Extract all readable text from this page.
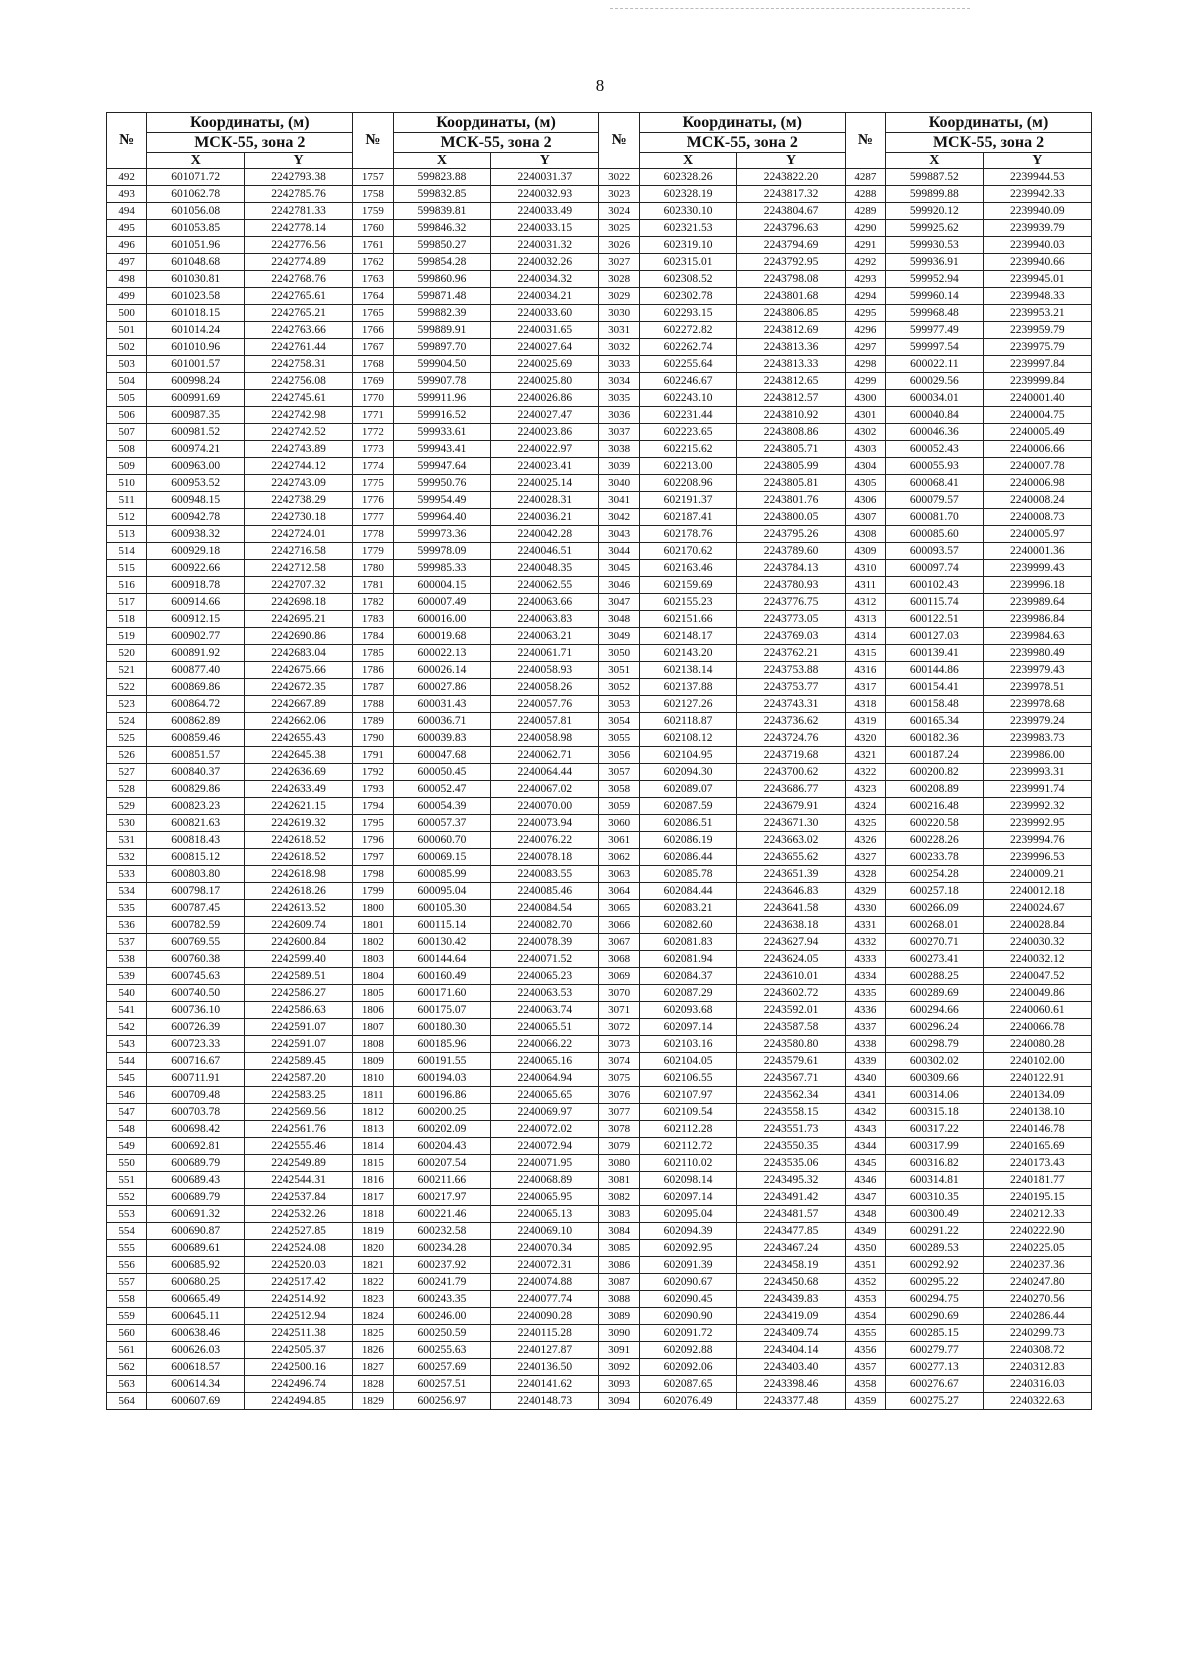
8
№	Координаты, (м)		№	Координаты, (м)		№	Координаты, (м)		№	Координаты, (м)	
	МСК-55, зона 2			МСК-55, зона 2			МСК-55, зона 2			МСК-55, зона 2	
	X	Y		X	Y		X	Y		X	Y
492	601071.72	2242793.38	1757	599823.88	2240031.37	3022	602328.26	2243822.20	4287	599887.52	2239944.53
493	601062.78	2242785.76	1758	599832.85	2240032.93	3023	602328.19	2243817.32	4288	599899.88	2239942.33
494	601056.08	2242781.33	1759	599839.81	2240033.49	3024	602330.10	2243804.67	4289	599920.12	2239940.09
495	601053.85	2242778.14	1760	599846.32	2240033.15	3025	602321.53	2243796.63	4290	599925.62	2239939.79
496	601051.96	2242776.56	1761	599850.27	2240031.32	3026	602319.10	2243794.69	4291	599930.53	2239940.03
497	601048.68	2242774.89	1762	599854.28	2240032.26	3027	602315.01	2243792.95	4292	599936.91	2239940.66
498	601030.81	2242768.76	1763	599860.96	2240034.32	3028	602308.52	2243798.08	4293	599952.94	2239945.01
499	601023.58	2242765.61	1764	599871.48	2240034.21	3029	602302.78	2243801.68	4294	599960.14	2239948.33
500	601018.15	2242765.21	1765	599882.39	2240033.60	3030	602293.15	2243806.85	4295	599968.48	2239953.21
501	601014.24	2242763.66	1766	599889.91	2240031.65	3031	602272.82	2243812.69	4296	599977.49	2239959.79
502	601010.96	2242761.44	1767	599897.70	2240027.64	3032	602262.74	2243813.36	4297	599997.54	2239975.79
503	601001.57	2242758.31	1768	599904.50	2240025.69	3033	602255.64	2243813.33	4298	600022.11	2239997.84
504	600998.24	2242756.08	1769	599907.78	2240025.80	3034	602246.67	2243812.65	4299	600029.56	2239999.84
505	600991.69	2242745.61	1770	599911.96	2240026.86	3035	602243.10	2243812.57	4300	600034.01	2240001.40
506	600987.35	2242742.98	1771	599916.52	2240027.47	3036	602231.44	2243810.92	4301	600040.84	2240004.75
507	600981.52	2242742.52	1772	599933.61	2240023.86	3037	602223.65	2243808.86	4302	600046.36	2240005.49
508	600974.21	2242743.89	1773	599943.41	2240022.97	3038	602215.62	2243805.71	4303	600052.43	2240006.66
509	600963.00	2242744.12	1774	599947.64	2240023.41	3039	602213.00	2243805.99	4304	600055.93	2240007.78
510	600953.52	2242743.09	1775	599950.76	2240025.14	3040	602208.96	2243805.81	4305	600068.41	2240006.98
511	600948.15	2242738.29	1776	599954.49	2240028.31	3041	602191.37	2243801.76	4306	600079.57	2240008.24
512	600942.78	2242730.18	1777	599964.40	2240036.21	3042	602187.41	2243800.05	4307	600081.70	2240008.73
513	600938.32	2242724.01	1778	599973.36	2240042.28	3043	602178.76	2243795.26	4308	600085.60	2240005.97
514	600929.18	2242716.58	1779	599978.09	2240046.51	3044	602170.62	2243789.60	4309	600093.57	2240001.36
515	600922.66	2242712.58	1780	599985.33	2240048.35	3045	602163.46	2243784.13	4310	600097.74	2239999.43
516	600918.78	2242707.32	1781	600004.15	2240062.55	3046	602159.69	2243780.93	4311	600102.43	2239996.18
517	600914.66	2242698.18	1782	600007.49	2240063.66	3047	602155.23	2243776.75	4312	600115.74	2239989.64
518	600912.15	2242695.21	1783	600016.00	2240063.83	3048	602151.66	2243773.05	4313	600122.51	2239986.84
519	600902.77	2242690.86	1784	600019.68	2240063.21	3049	602148.17	2243769.03	4314	600127.03	2239984.63
520	600891.92	2242683.04	1785	600022.13	2240061.71	3050	602143.20	2243762.21	4315	600139.41	2239980.49
521	600877.40	2242675.66	1786	600026.14	2240058.93	3051	602138.14	2243753.88	4316	600144.86	2239979.43
522	600869.86	2242672.35	1787	600027.86	2240058.26	3052	602137.88	2243753.77	4317	600154.41	2239978.51
523	600864.72	2242667.89	1788	600031.43	2240057.76	3053	602127.26	2243743.31	4318	600158.48	2239978.68
524	600862.89	2242662.06	1789	600036.71	2240057.81	3054	602118.87	2243736.62	4319	600165.34	2239979.24
525	600859.46	2242655.43	1790	600039.83	2240058.98	3055	602108.12	2243724.76	4320	600182.36	2239983.73
526	600851.57	2242645.38	1791	600047.68	2240062.71	3056	602104.95	2243719.68	4321	600187.24	2239986.00
527	600840.37	2242636.69	1792	600050.45	2240064.44	3057	602094.30	2243700.62	4322	600200.82	2239993.31
528	600829.86	2242633.49	1793	600052.47	2240067.02	3058	602089.07	2243686.77	4323	600208.89	2239991.74
529	600823.23	2242621.15	1794	600054.39	2240070.00	3059	602087.59	2243679.91	4324	600216.48	2239992.32
530	600821.63	2242619.32	1795	600057.37	2240073.94	3060	602086.51	2243671.30	4325	600220.58	2239992.95
531	600818.43	2242618.52	1796	600060.70	2240076.22	3061	602086.19	2243663.02	4326	600228.26	2239994.76
532	600815.12	2242618.52	1797	600069.15	2240078.18	3062	602086.44	2243655.62	4327	600233.78	2239996.53
533	600803.80	2242618.98	1798	600085.99	2240083.55	3063	602085.78	2243651.39	4328	600254.28	2240009.21
534	600798.17	2242618.26	1799	600095.04	2240085.46	3064	602084.44	2243646.83	4329	600257.18	2240012.18
535	600787.45	2242613.52	1800	600105.30	2240084.54	3065	602083.21	2243641.58	4330	600266.09	2240024.67
536	600782.59	2242609.74	1801	600115.14	2240082.70	3066	602082.60	2243638.18	4331	600268.01	2240028.84
537	600769.55	2242600.84	1802	600130.42	2240078.39	3067	602081.83	2243627.94	4332	600270.71	2240030.32
538	600760.38	2242599.40	1803	600144.64	2240071.52	3068	602081.94	2243624.05	4333	600273.41	2240032.12
539	600745.63	2242589.51	1804	600160.49	2240065.23	3069	602084.37	2243610.01	4334	600288.25	2240047.52
540	600740.50	2242586.27	1805	600171.60	2240063.53	3070	602087.29	2243602.72	4335	600289.69	2240049.86
541	600736.10	2242586.63	1806	600175.07	2240063.74	3071	602093.68	2243592.01	4336	600294.66	2240060.61
542	600726.39	2242591.07	1807	600180.30	2240065.51	3072	602097.14	2243587.58	4337	600296.24	2240066.78
543	600723.33	2242591.07	1808	600185.96	2240066.22	3073	602103.16	2243580.80	4338	600298.79	2240080.28
544	600716.67	2242589.45	1809	600191.55	2240065.16	3074	602104.05	2243579.61	4339	600302.02	2240102.00
545	600711.91	2242587.20	1810	600194.03	2240064.94	3075	602106.55	2243567.71	4340	600309.66	2240122.91
546	600709.48	2242583.25	1811	600196.86	2240065.65	3076	602107.97	2243562.34	4341	600314.06	2240134.09
547	600703.78	2242569.56	1812	600200.25	2240069.97	3077	602109.54	2243558.15	4342	600315.18	2240138.10
548	600698.42	2242561.76	1813	600202.09	2240072.02	3078	602112.28	2243551.73	4343	600317.22	2240146.78
549	600692.81	2242555.46	1814	600204.43	2240072.94	3079	602112.72	2243550.35	4344	600317.99	2240165.69
550	600689.79	2242549.89	1815	600207.54	2240071.95	3080	602110.02	2243535.06	4345	600316.82	2240173.43
551	600689.43	2242544.31	1816	600211.66	2240068.89	3081	602098.14	2243495.32	4346	600314.81	2240181.77
552	600689.79	2242537.84	1817	600217.97	2240065.95	3082	602097.14	2243491.42	4347	600310.35	2240195.15
553	600691.32	2242532.26	1818	600221.46	2240065.13	3083	602095.04	2243481.57	4348	600300.49	2240212.33
554	600690.87	2242527.85	1819	600232.58	2240069.10	3084	602094.39	2243477.85	4349	600291.22	2240222.90
555	600689.61	2242524.08	1820	600234.28	2240070.34	3085	602092.95	2243467.24	4350	600289.53	2240225.05
556	600685.92	2242520.03	1821	600237.92	2240072.31	3086	602091.39	2243458.19	4351	600292.92	2240237.36
557	600680.25	2242517.42	1822	600241.79	2240074.88	3087	602090.67	2243450.68	4352	600295.22	2240247.80
558	600665.49	2242514.92	1823	600243.35	2240077.74	3088	602090.45	2243439.83	4353	600294.75	2240270.56
559	600645.11	2242512.94	1824	600246.00	2240090.28	3089	602090.90	2243419.09	4354	600290.69	2240286.44
560	600638.46	2242511.38	1825	600250.59	2240115.28	3090	602091.72	2243409.74	4355	600285.15	2240299.73
561	600626.03	2242505.37	1826	600255.63	2240127.87	3091	602092.88	2243404.14	4356	600279.77	2240308.72
562	600618.57	2242500.16	1827	600257.69	2240136.50	3092	602092.06	2243403.40	4357	600277.13	2240312.83
563	600614.34	2242496.74	1828	600257.51	2240141.62	3093	602087.65	2243398.46	4358	600276.67	2240316.03
564	600607.69	2242494.85	1829	600256.97	2240148.73	3094	602076.49	2243377.48	4359	600275.27	2240322.63
